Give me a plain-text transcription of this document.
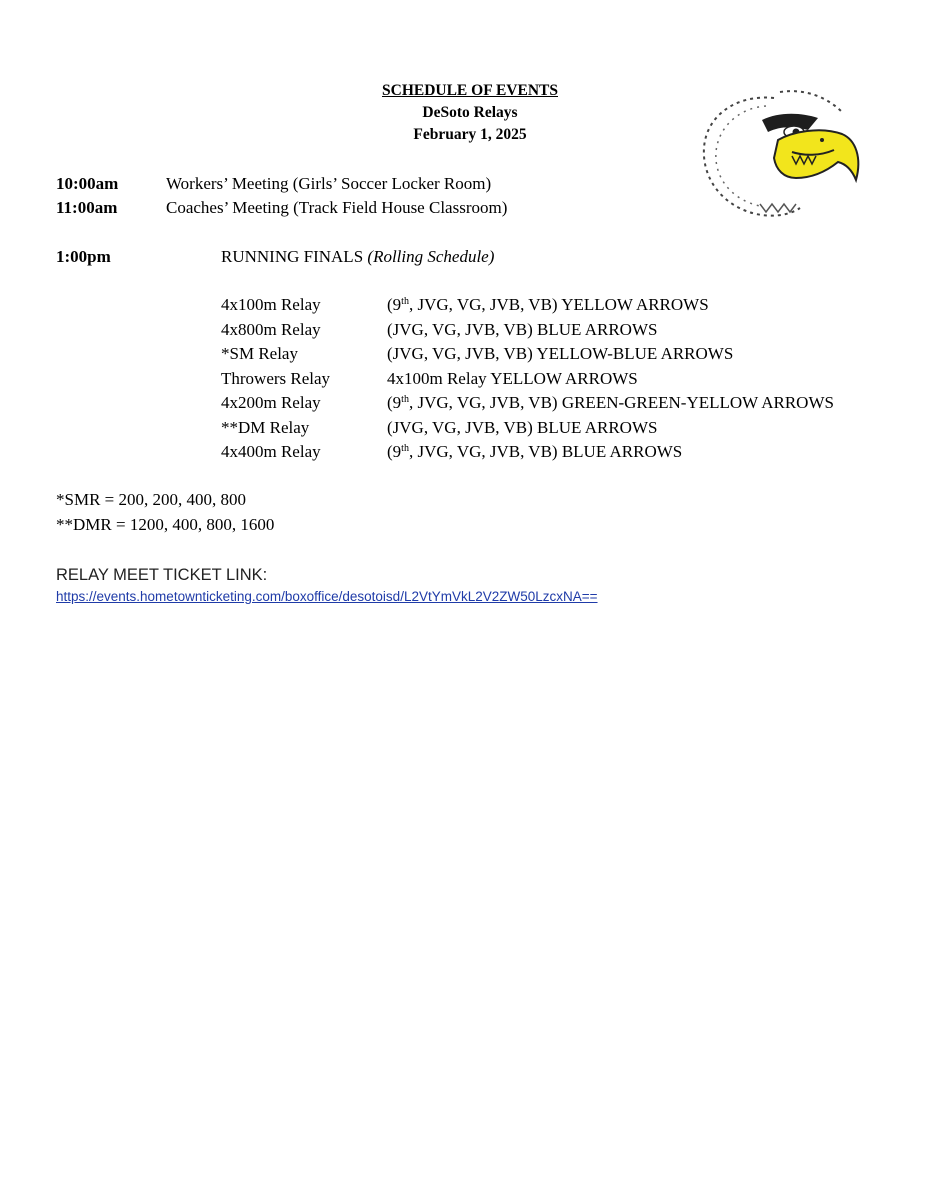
SCHEDULE OF EVENTS
DeSoto Relays
February 1, 2025
10:00am	Workers’ Meeting (Girls’ Soccer Locker Room)
11:00am	Coaches’ Meeting (Track Field House Classroom)
1:00pm	RUNNING FINALS (Rolling Schedule)
4x100m Relay	(9th, JVG, VG, JVB, VB) YELLOW ARROWS
4x800m Relay	(JVG, VG, JVB, VB) BLUE ARROWS
*SM Relay	(JVG, VG, JVB, VB) YELLOW-BLUE ARROWS
Throwers Relay	4x100m Relay YELLOW ARROWS
4x200m Relay	(9th, JVG, VG, JVB, VB) GREEN-GREEN-YELLOW ARROWS
**DM Relay	(JVG, VG, JVB, VB) BLUE ARROWS
4x400m Relay	(9th, JVG, VG, JVB, VB) BLUE ARROWS
*SMR = 200, 200, 400, 800
**DMR = 1200, 400, 800, 1600
RELAY MEET TICKET LINK:
https://events.hometownticketing.com/boxoffice/desotoisd/L2VtYmVkL2V2ZW50LzcxNA==
